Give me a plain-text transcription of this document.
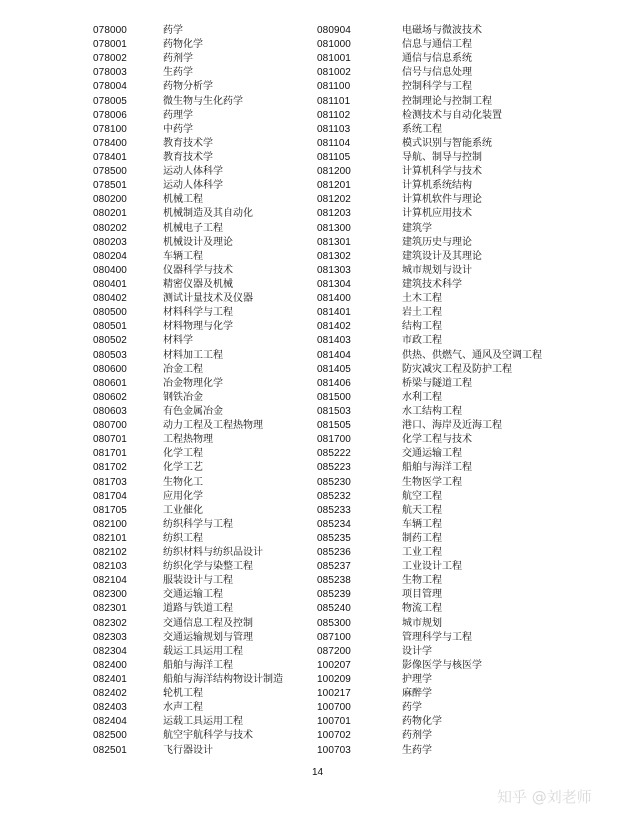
078000	药学
078001	药物化学
078002	药剂学
078003	生药学
078004	药物分析学
078005	微生物与生化药学
078006	药理学
078100	中药学
078400	教育技术学
078401	教育技术学
078500	运动人体科学
078501	运动人体科学
080200	机械工程
080201	机械制造及其自动化
080202	机械电子工程
080203	机械设计及理论
080204	车辆工程
080400	仪器科学与技术
080401	精密仪器及机械
080402	测试计量技术及仪器
080500	材料科学与工程
080501	材料物理与化学
080502	材料学
080503	材料加工工程
080600	冶金工程
080601	冶金物理化学
080602	钢铁冶金
080603	有色金属冶金
080700	动力工程及工程热物理
080701	工程热物理
081701	化学工程
081702	化学工艺
081703	生物化工
081704	应用化学
081705	工业催化
082100	纺织科学与工程
082101	纺织工程
082102	纺织材料与纺织品设计
082103	纺织化学与染整工程
082104	服装设计与工程
082300	交通运输工程
082301	道路与铁道工程
082302	交通信息工程及控制
082303	交通运输规划与管理
082304	载运工具运用工程
082400	船舶与海洋工程
082401	船舶与海洋结构物设计制造
082402	轮机工程
082403	水声工程
082404	运载工具运用工程
082500	航空宇航科学与技术
082501	飞行器设计
080904	电磁场与微波技术
081000	信息与通信工程
081001	通信与信息系统
081002	信号与信息处理
081100	控制科学与工程
081101	控制理论与控制工程
081102	检测技术与自动化装置
081103	系统工程
081104	模式识别与智能系统
081105	导航、制导与控制
081200	计算机科学与技术
081201	计算机系统结构
081202	计算机软件与理论
081203	计算机应用技术
081300	建筑学
081301	建筑历史与理论
081302	建筑设计及其理论
081303	城市规划与设计
081304	建筑技术科学
081400	土木工程
081401	岩土工程
081402	结构工程
081403	市政工程
081404	供热、供燃气、通风及空调工程
081405	防灾减灾工程及防护工程
081406	桥梁与隧道工程
081500	水利工程
081503	水工结构工程
081505	港口、海岸及近海工程
081700	化学工程与技术
085222	交通运输工程
085223	船舶与海洋工程
085230	生物医学工程
085232	航空工程
085233	航天工程
085234	车辆工程
085235	制药工程
085236	工业工程
085237	工业设计工程
085238	生物工程
085239	项目管理
085240	物流工程
085300	城市规划
087100	管理科学与工程
087200	设计学
100207	影像医学与核医学
100209	护理学
100217	麻醉学
100700	药学
100701	药物化学
100702	药剂学
100703	生药学
14
知乎 @刘老师
